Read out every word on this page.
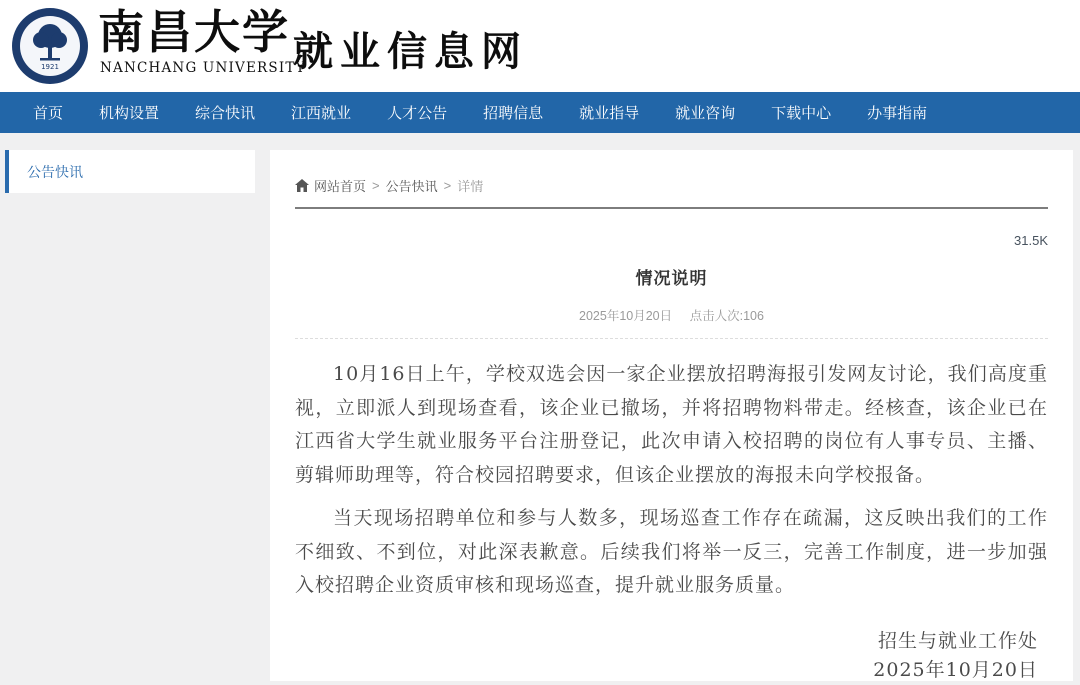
1921
南昌大学
NANCHANG UNIVERSITY
就业信息网
首页 机构设置 综合快讯 江西就业 人才公告 招聘信息 就业指导 就业咨询 下载中心 办事指南
公告快讯
网站首页 > 公告快讯 > 详情
31.5K
情况说明
2025年10月20日 点击人次:106

10月16日上午，学校双选会因一家企业摆放招聘海报引发网友讨论，我们高度重视，立即派人到现场查看，该企业已撤场，并将招聘物料带走。经核查，该企业已在江西省大学生就业服务平台注册登记，此次申请入校招聘的岗位有人事专员、主播、剪辑师助理等，符合校园招聘要求，但该企业摆放的海报未向学校报备。

当天现场招聘单位和参与人数多，现场巡查工作存在疏漏，这反映出我们的工作不细致、不到位，对此深表歉意。后续我们将举一反三，完善工作制度，进一步加强入校招聘企业资质审核和现场巡查，提升就业服务质量。

招生与就业工作处
2025年10月20日
